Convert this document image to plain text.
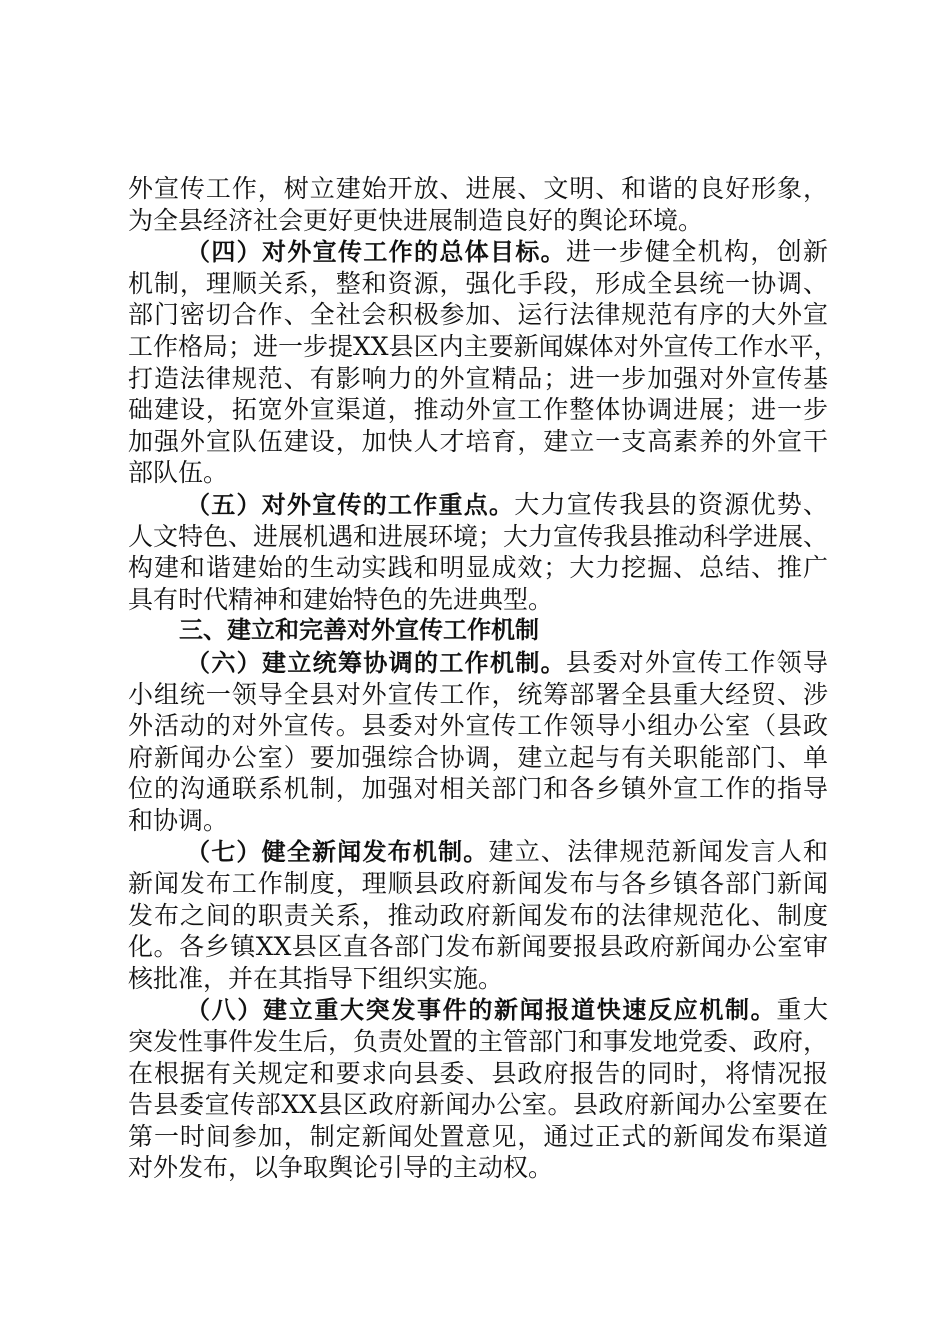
外宣传工作，树立建始开放、进展、文明、和谐的良好形象，
为全县经济社会更好更快进展制造良好的舆论环境。
（四）对外宣传工作的总体目标。进一步健全机构，创新
机制，理顺关系，整和资源，强化手段，形成全县统一协调、
部门密切合作、全社会积极参加、运行法律规范有序的大外宣
工作格局；进一步提XX县区内主要新闻媒体对外宣传工作水平，
打造法律规范、有影响力的外宣精品；进一步加强对外宣传基
础建设，拓宽外宣渠道，推动外宣工作整体协调进展；进一步
加强外宣队伍建设，加快人才培育，建立一支高素养的外宣干
部队伍。
（五）对外宣传的工作重点。大力宣传我县的资源优势、
人文特色、进展机遇和进展环境；大力宣传我县推动科学进展、
构建和谐建始的生动实践和明显成效；大力挖掘、总结、推广
具有时代精神和建始特色的先进典型。
三、建立和完善对外宣传工作机制
（六）建立统筹协调的工作机制。县委对外宣传工作领导
小组统一领导全县对外宣传工作，统筹部署全县重大经贸、涉
外活动的对外宣传。县委对外宣传工作领导小组办公室（县政
府新闻办公室）要加强综合协调，建立起与有关职能部门、单
位的沟通联系机制，加强对相关部门和各乡镇外宣工作的指导
和协调。
（七）健全新闻发布机制。建立、法律规范新闻发言人和
新闻发布工作制度，理顺县政府新闻发布与各乡镇各部门新闻
发布之间的职责关系，推动政府新闻发布的法律规范化、制度
化。各乡镇XX县区直各部门发布新闻要报县政府新闻办公室审
核批准，并在其指导下组织实施。
（八）建立重大突发事件的新闻报道快速反应机制。重大
突发性事件发生后，负责处置的主管部门和事发地党委、政府，
在根据有关规定和要求向县委、县政府报告的同时，将情况报
告县委宣传部XX县区政府新闻办公室。县政府新闻办公室要在
第一时间参加，制定新闻处置意见，通过正式的新闻发布渠道
对外发布，以争取舆论引导的主动权。
